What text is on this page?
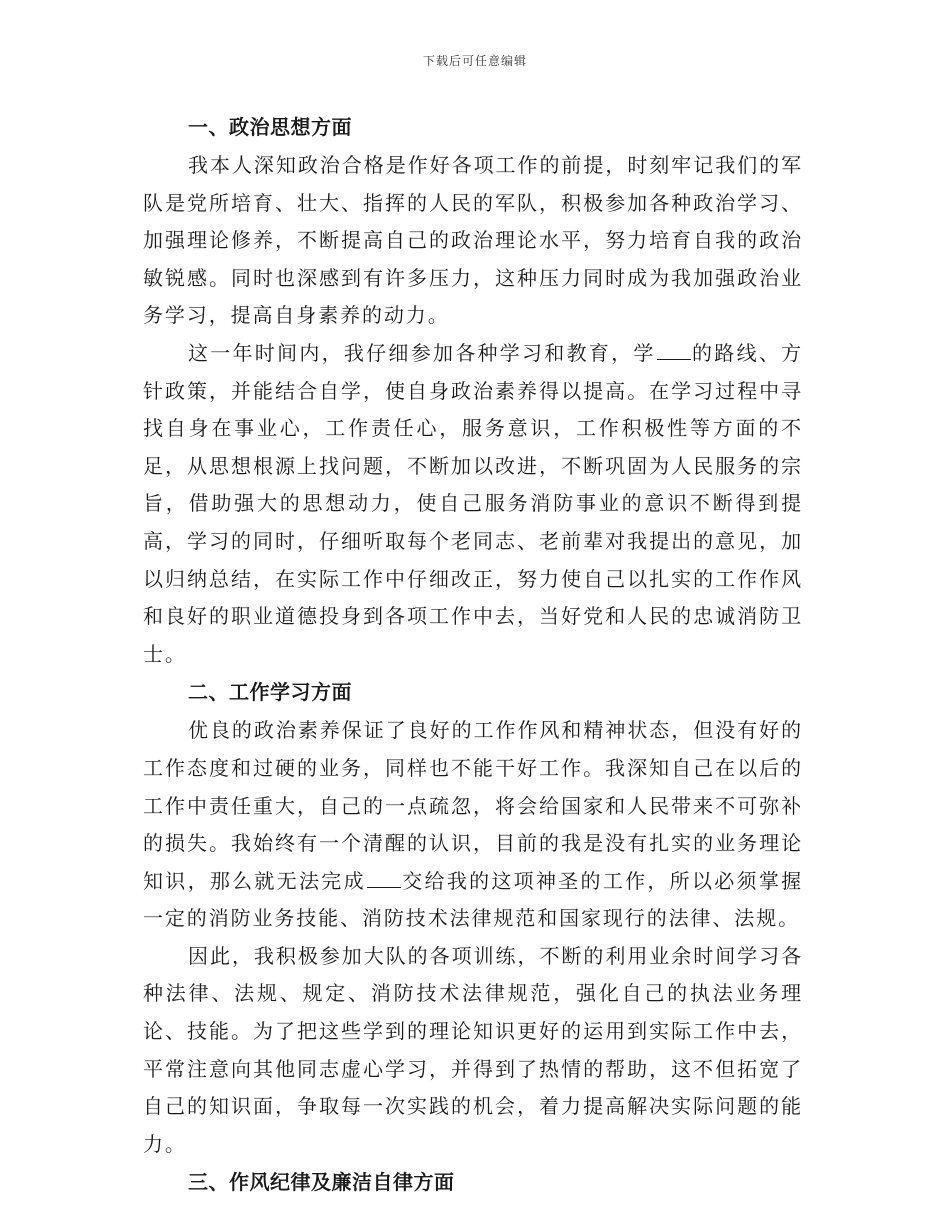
下载后可任意编辑
一、政治思想方面

我本人深知政治合格是作好各项工作的前提，时刻牢记我们的军队是党所培育、壮大、指挥的人民的军队，积极参加各种政治学习、加强理论修养，不断提高自己的政治理论水平，努力培育自我的政治敏锐感。同时也深感到有许多压力，这种压力同时成为我加强政治业务学习，提高自身素养的动力。

这一年时间内，我仔细参加各种学习和教育，学 的路线、方针政策，并能结合自学，使自身政治素养得以提高。在学习过程中寻找自身在事业心，工作责任心，服务意识，工作积极性等方面的不足，从思想根源上找问题，不断加以改进，不断巩固为人民服务的宗旨，借助强大的思想动力，使自己服务消防事业的意识不断得到提高，学习的同时，仔细听取每个老同志、老前辈对我提出的意见，加以归纳总结，在实际工作中仔细改正，努力使自己以扎实的工作作风和良好的职业道德投身到各项工作中去，当好党和人民的忠诚消防卫士。

二、工作学习方面

优良的政治素养保证了良好的工作作风和精神状态，但没有好的工作态度和过硬的业务，同样也不能干好工作。我深知自己在以后的工作中责任重大，自己的一点疏忽，将会给国家和人民带来不可弥补的损失。我始终有一个清醒的认识，目前的我是没有扎实的业务理论知识，那么就无法完成 交给我的这项神圣的工作，所以必须掌握一定的消防业务技能、消防技术法律规范和国家现行的法律、法规。

因此，我积极参加大队的各项训练，不断的利用业余时间学习各种法律、法规、规定、消防技术法律规范，强化自己的执法业务理论、技能。为了把这些学到的理论知识更好的运用到实际工作中去，平常注意向其他同志虚心学习，并得到了热情的帮助，这不但拓宽了自己的知识面，争取每一次实践的机会，着力提高解决实际问题的能力。

三、作风纪律及廉洁自律方面
